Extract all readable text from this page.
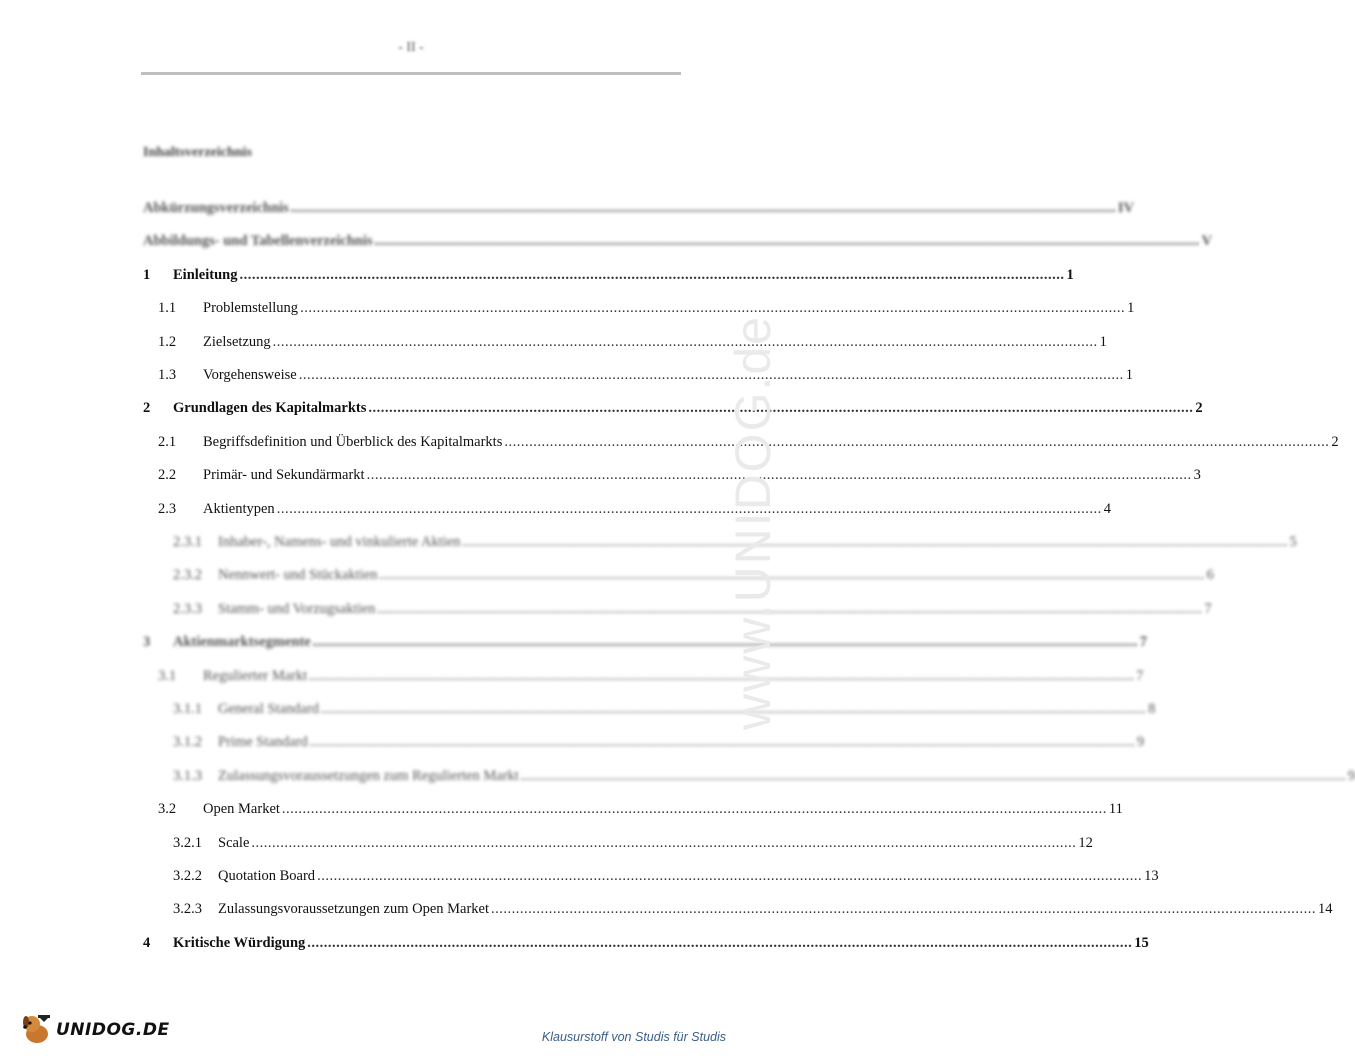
- II -
Inhaltsverzeichnis
Abkürzungsverzeichnis .....	IV
Abbildungs- und Tabellenverzeichnis .....	V
1	Einleitung .....	1
1.1	Problemstellung .....	1
1.2	Zielsetzung .....	1
1.3	Vorgehensweise .....	1
2	Grundlagen des Kapitalmarkts .....	2
2.1	Begriffsdefinition und Überblick des Kapitalmarkts .....	2
2.2	Primär- und Sekundärmarkt .....	3
2.3	Aktientypen .....	4
2.3.1	Inhaber-, Namens- und vinkulierte Aktien .....	5
2.3.2	Nennwert- und Stückaktien .....	6
2.3.3	Stamm- und Vorzugsaktien .....	7
3	Aktienmarktsegmente .....	7
3.1	Regulierter Markt .....	7
3.1.1	General Standard .....	8
3.1.2	Prime Standard .....	9
3.1.3	Zulassungsvoraussetzungen zum Regulierten Markt .....	9
3.2	Open Market .....	11
3.2.1	Scale .....	12
3.2.2	Quotation Board .....	13
3.2.3	Zulassungsvoraussetzungen zum Open Market .....	14
4	Kritische Würdigung .....	15
www.UNIDOG.de
UNIDOG.DE	Klausurstoff von Studis für Studis
